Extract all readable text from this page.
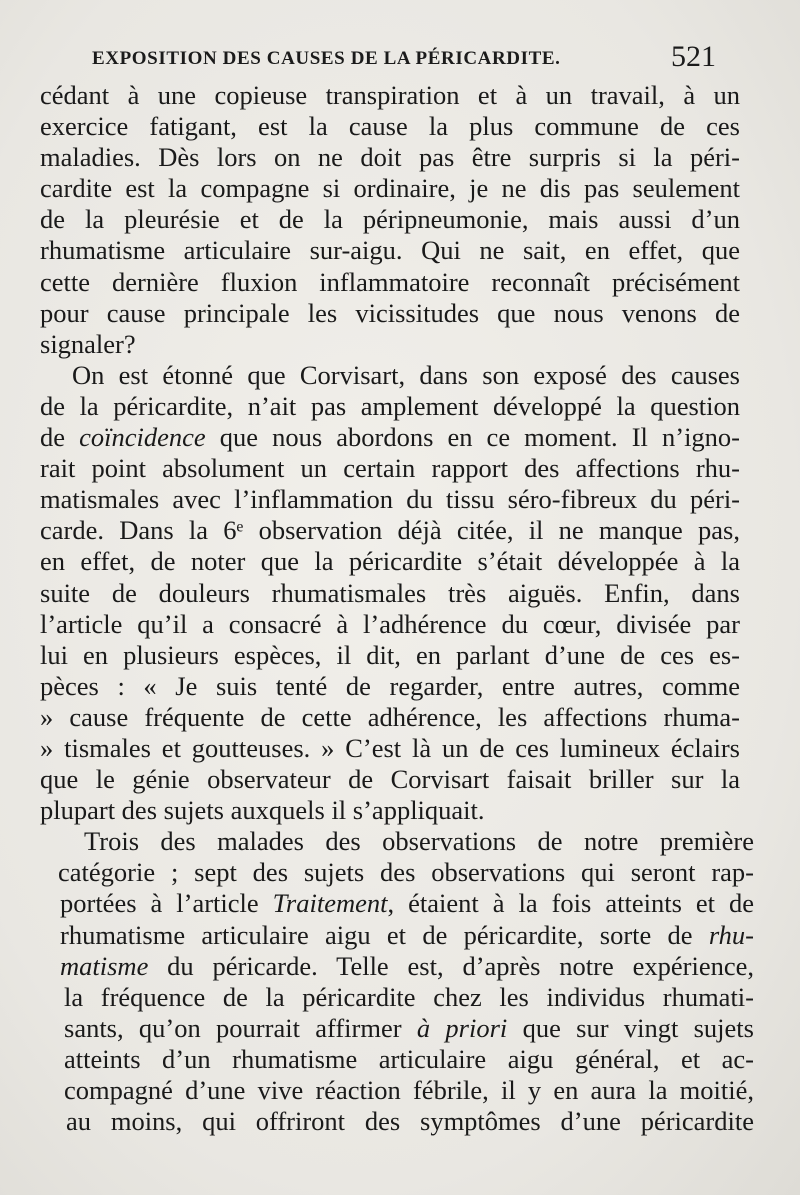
EXPOSITION DES CAUSES DE LA PÉRICARDITE.	521
cédant à une copieuse transpiration et à un travail, à un
exercice fatigant, est la cause la plus commune de ces
maladies. Dès lors on ne doit pas être surpris si la péri-
cardite est la compagne si ordinaire, je ne dis pas seulement
de la pleurésie et de la péripneumonie, mais aussi d’un
rhumatisme articulaire sur-aigu. Qui ne sait, en effet, que
cette dernière fluxion inflammatoire reconnaît précisément
pour cause principale les vicissitudes que nous venons de
signaler?
On est étonné que Corvisart, dans son exposé des causes
de la péricardite, n’ait pas amplement développé la question
de coïncidence que nous abordons en ce moment. Il n’igno-
rait point absolument un certain rapport des affections rhu-
matismales avec l’inflammation du tissu séro-fibreux du péri-
carde. Dans la 6ᵉ observation déjà citée, il ne manque pas,
en effet, de noter que la péricardite s’était développée à la
suite de douleurs rhumatismales très aiguës. Enfin, dans
l’article qu’il a consacré à l’adhérence du cœur, divisée par
lui en plusieurs espèces, il dit, en parlant d’une de ces es-
pèces : « Je suis tenté de regarder, entre autres, comme
» cause fréquente de cette adhérence, les affections rhuma-
» tismales et goutteuses. » C’est là un de ces lumineux éclairs
que le génie observateur de Corvisart faisait briller sur la
plupart des sujets auxquels il s’appliquait.
Trois des malades des observations de notre première
catégorie ; sept des sujets des observations qui seront rap-
portées à l’article Traitement, étaient à la fois atteints et de
rhumatisme articulaire aigu et de péricardite, sorte de rhu-
matisme du péricarde. Telle est, d’après notre expérience,
la fréquence de la péricardite chez les individus rhumati-
sants, qu’on pourrait affirmer à priori que sur vingt sujets
atteints d’un rhumatisme articulaire aigu général, et ac-
compagné d’une vive réaction fébrile, il y en aura la moitié,
au moins, qui offriront des symptômes d’une péricardite
